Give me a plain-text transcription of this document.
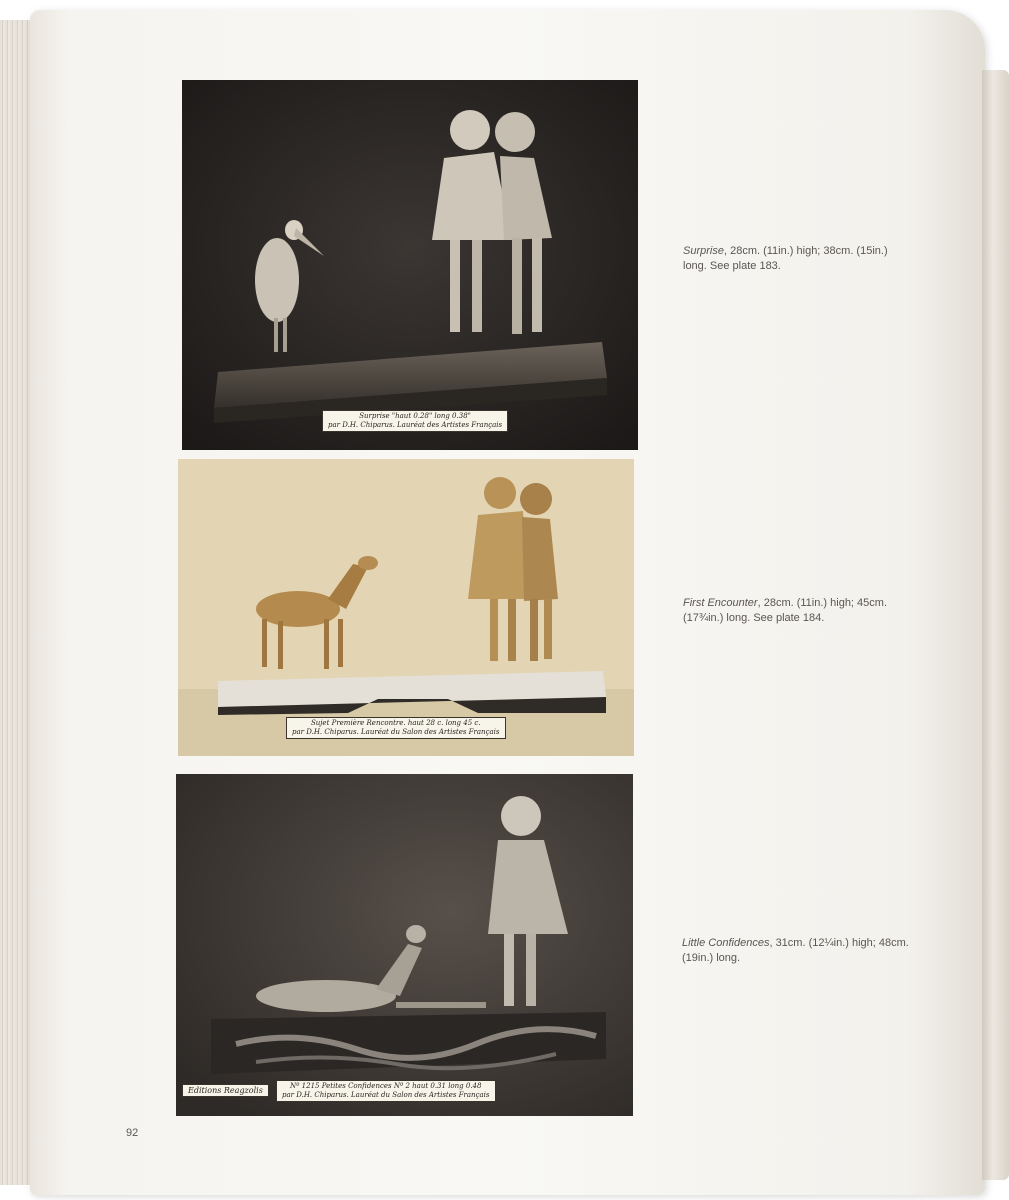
Surprise "haut 0.28" long 0.38"
par D.H. Chiparus. Lauréat des Artistes Français
Sujet Première Rencontre. haut 28 c. long 45 c.
par D.H. Chiparus. Lauréat du Salon des Artistes Français
Editions Reagzolis	Nº 1215 Petites Confidences Nº 2 haut 0.31 long 0.48
par D.H. Chiparus. Lauréat du Salon des Artistes Français
Surprise, 28cm. (11in.) high; 38cm. (15in.)
long. See plate 183.
First Encounter, 28cm. (11in.) high; 45cm.
(17¾in.) long. See plate 184.
Little Confidences, 31cm. (12¼in.) high; 48cm.
(19in.) long.
92
